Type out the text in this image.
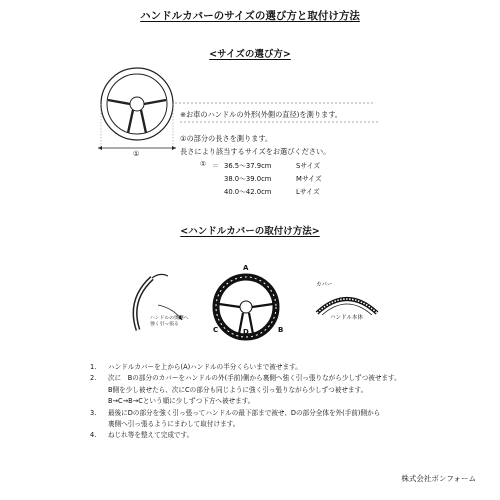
ハンドルカバーのサイズの選び方と取付け方法
<サイズの選び方>
①
※お車のハンドルの外形(外側の直径)を測ります。
①の部分の長さを測ります。
長さにより該当するサイズをお選びください。
① ＝ 36.5〜37.9cm	Sサイズ
38.0〜39.0cm	Mサイズ
40.0〜42.0cm	Lサイズ
<ハンドルカバーの取付け方法>
ハンドルの奥側へ
強く引っ張る
A
C	D	B
カバー
ハンドル本体
1.	ハンドルカバーを上から(A)ハンドルの半分くらいまで被せます。
2.	次に　Bの部分のカバーをハンドルの外(手前)側から裏側へ強く引っ張りながら少しずつ被せます。
B側を少し被せたら、次にCの部分も同じように強く引っ張りながら少しずつ被せます。
B→C→B→Cという順に少しずつ下方へ被せます。
3.	最後にDの部分を強く引っ張ってハンドルの最下部まで被せ、Dの部分全体を外(手前)側から
裏側へ引っ張るようにまわして取付けます。
4.	ねじれ等を整えて完成です。
株式会社ボンフォーム
